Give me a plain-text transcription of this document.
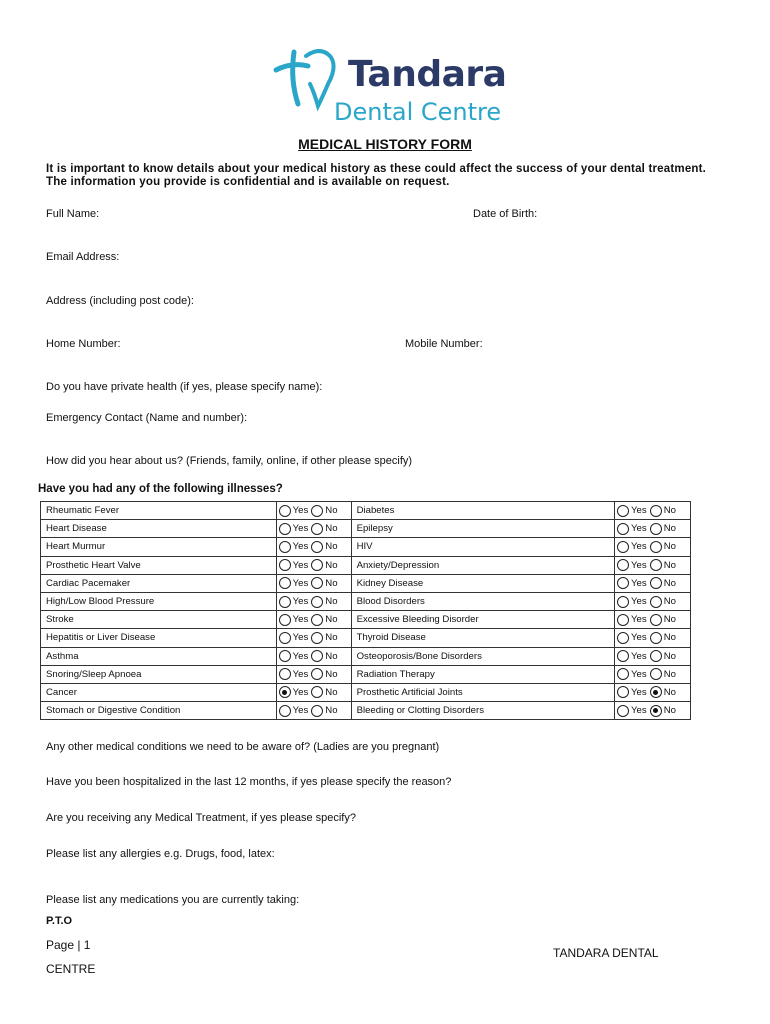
Tandara
Dental Centre
MEDICAL HISTORY FORM
It is important to know details about your medical history as these could affect the success of your dental treatment. The information you provide is confidential and is available on request.
Full Name:	Date of Birth:
Email Address:
Address (including post code):
Home Number:	Mobile Number:
Do you have private health (if yes, please specify name):
Emergency Contact (Name and number):
How did you hear about us? (Friends, family, online, if other please specify)
Have you had any of the following illnesses?
Rheumatic Fever	Yes No	Diabetes	Yes No
Heart Disease	Yes No	Epilepsy	Yes No
Heart Murmur	Yes No	HIV	Yes No
Prosthetic Heart Valve	Yes No	Anxiety/Depression	Yes No
Cardiac Pacemaker	Yes No	Kidney Disease	Yes No
High/Low Blood Pressure	Yes No	Blood Disorders	Yes No
Stroke	Yes No	Excessive Bleeding Disorder	Yes No
Hepatitis or Liver Disease	Yes No	Thyroid Disease	Yes No
Asthma	Yes No	Osteoporosis/Bone Disorders	Yes No
Snoring/Sleep Apnoea	Yes No	Radiation Therapy	Yes No
Cancer	Yes No	Prosthetic Artificial Joints	Yes No
Stomach or Digestive Condition	Yes No	Bleeding or Clotting Disorders	Yes No
Any other medical conditions we need to be aware of? (Ladies are you pregnant)
Have you been hospitalized in the last 12 months, if yes please specify the reason?
Are you receiving any Medical Treatment, if yes please specify?
Please list any allergies e.g. Drugs, food, latex:
Please list any medications you are currently taking:
P.T.O
Page | 1
CENTRE
TANDARA DENTAL
